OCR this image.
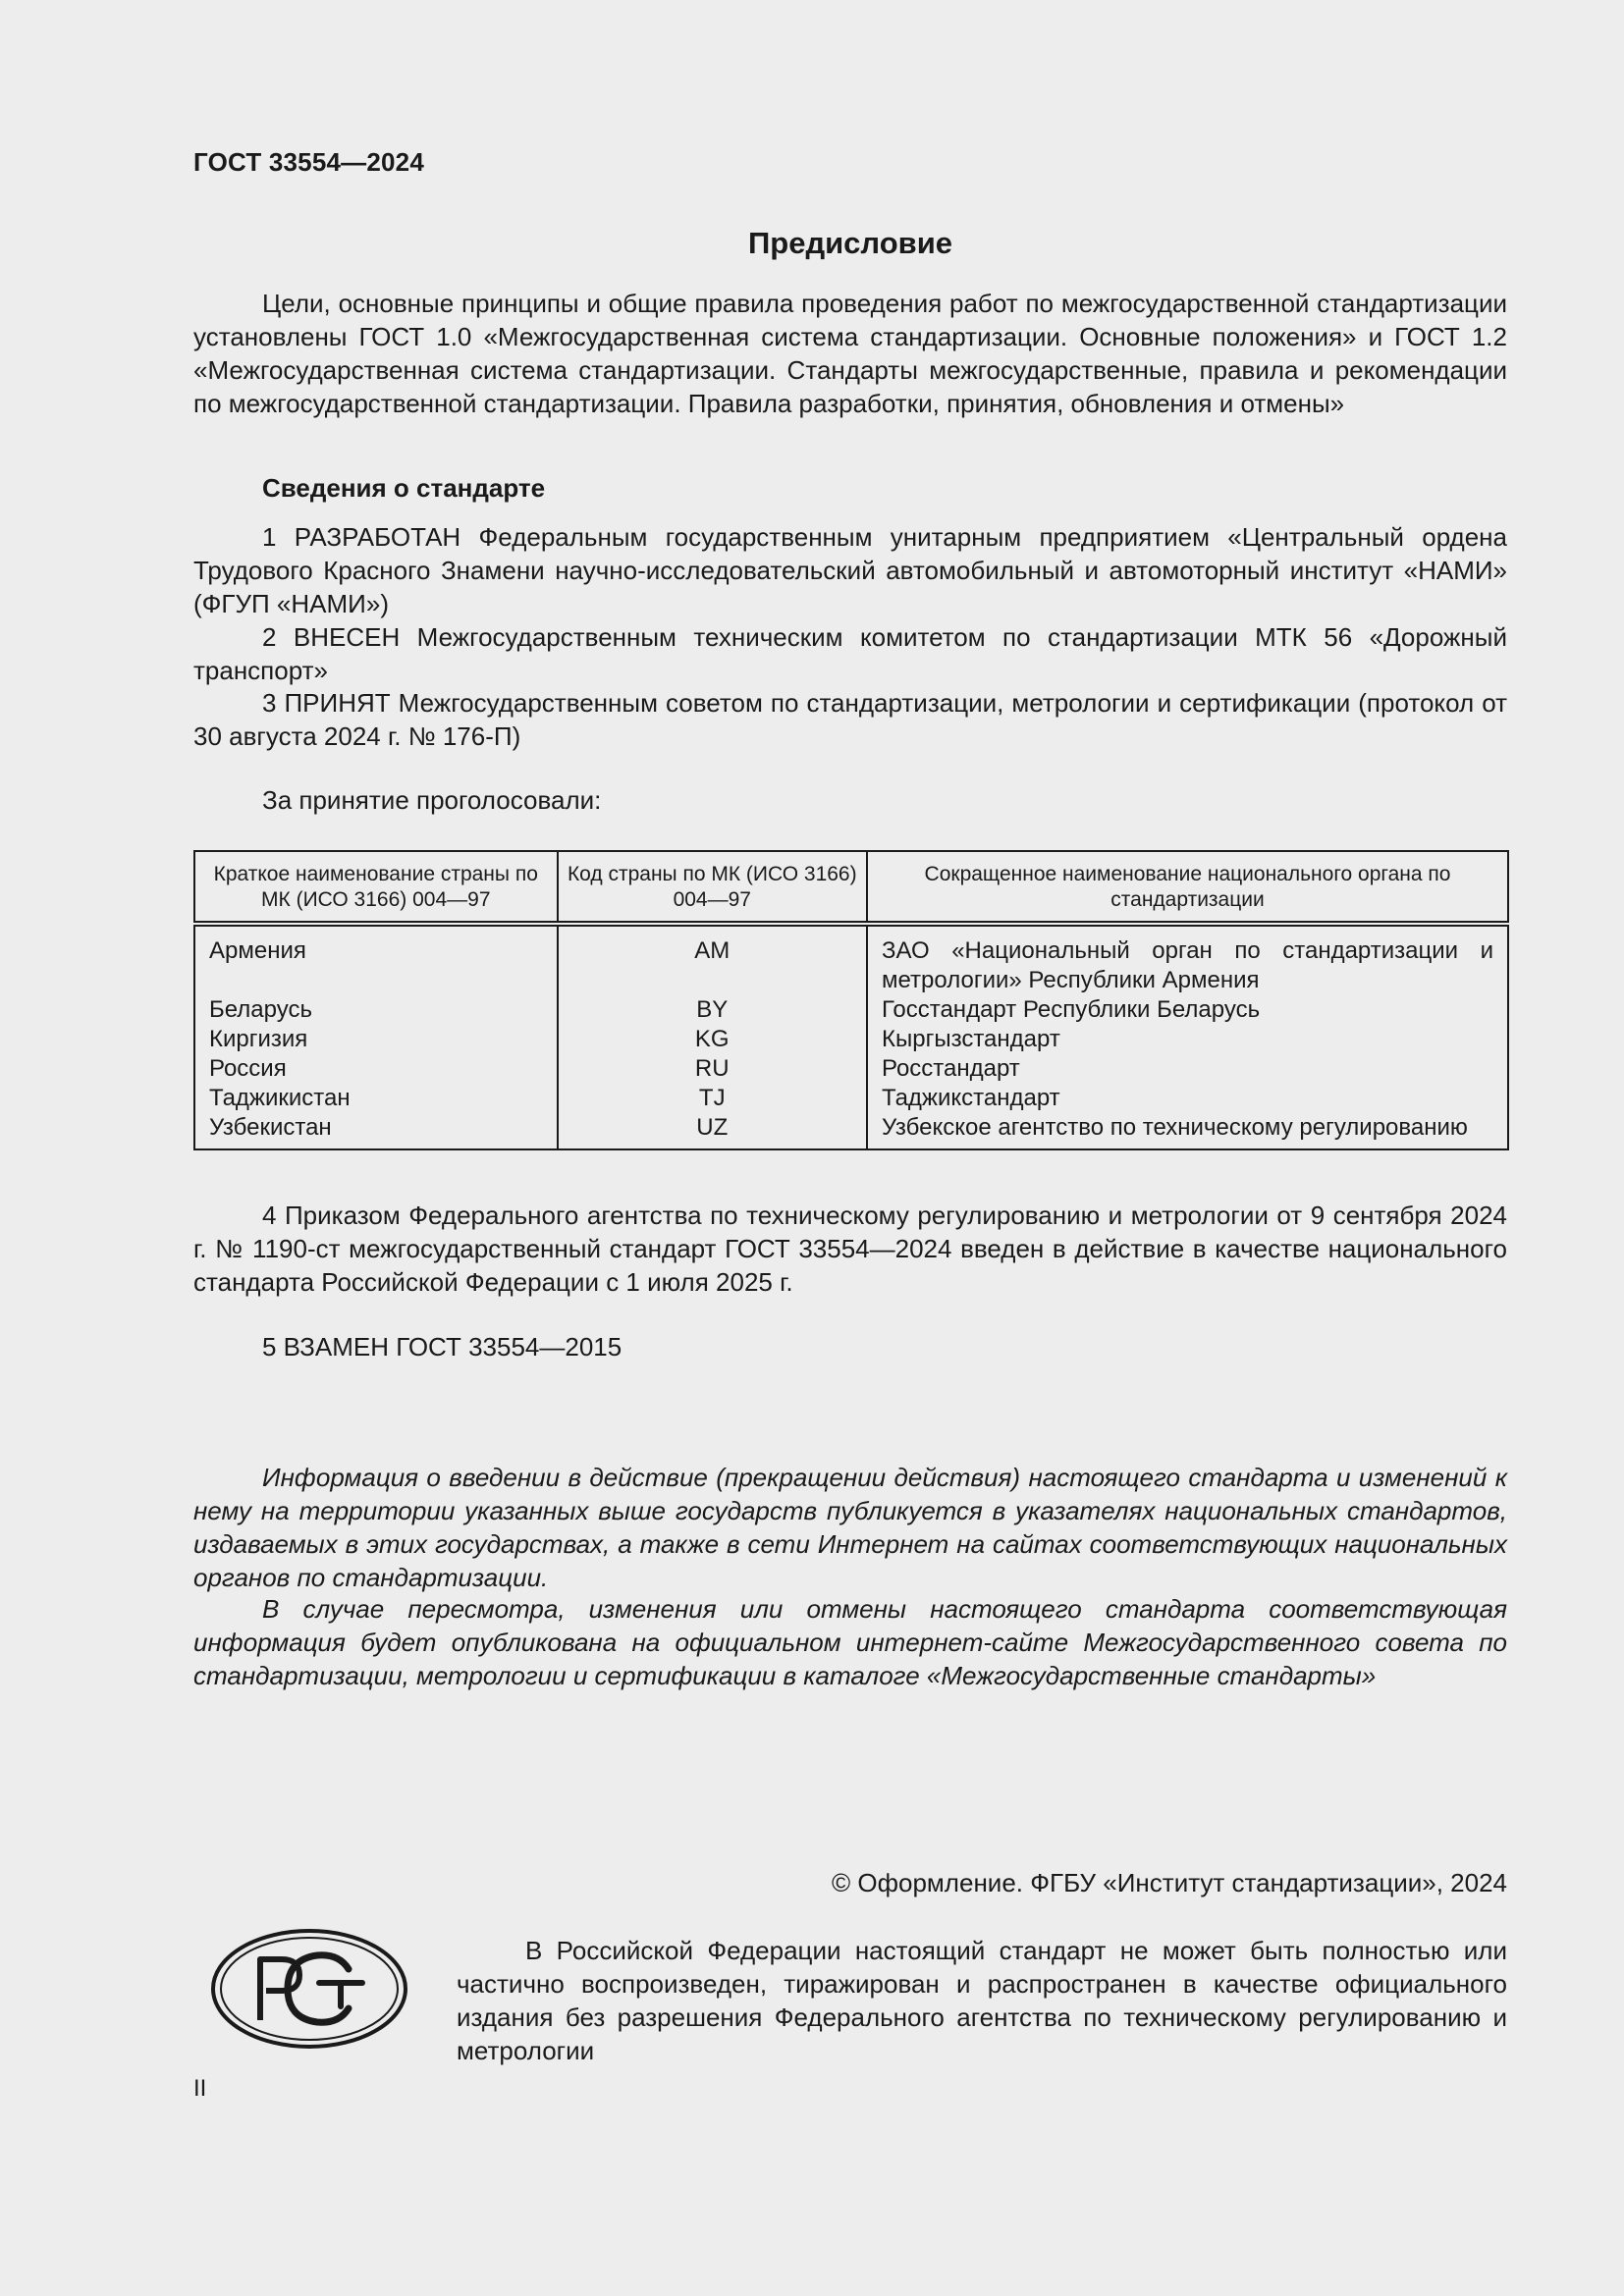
ГОСТ 33554—2024
Предисловие
Цели, основные принципы и общие правила проведения работ по межгосударственной стандартизации установлены ГОСТ 1.0 «Межгосударственная система стандартизации. Основные положения» и ГОСТ 1.2 «Межгосударственная система стандартизации. Стандарты межгосударственные, правила и рекомендации по межгосударственной стандартизации. Правила разработки, принятия, обновления и отмены»
Сведения о стандарте
1 РАЗРАБОТАН Федеральным государственным унитарным предприятием «Центральный ордена Трудового Красного Знамени научно-исследовательский автомобильный и автомоторный институт «НАМИ» (ФГУП «НАМИ»)
2 ВНЕСЕН Межгосударственным техническим комитетом по стандартизации МТК 56 «Дорожный транспорт»
3 ПРИНЯТ Межгосударственным советом по стандартизации, метрологии и сертификации (протокол от 30 августа 2024 г. № 176-П)
За принятие проголосовали:
Краткое наименование страны по МК (ИСО 3166) 004—97	Код страны по МК (ИСО 3166) 004—97	Сокращенное наименование национального органа по стандартизации
Армения	AM	ЗАО «Национальный орган по стандартизации и
метрологии» Республики Армения

Беларусь	BY	Госстандарт Республики Беларусь
Киргизия	KG	Кыргызстандарт
Россия	RU	Росстандарт
Таджикистан	TJ	Таджикстандарт
Узбекистан	UZ	Узбекское агентство по техническому регулированию
4 Приказом Федерального агентства по техническому регулированию и метрологии от 9 сентября 2024 г. № 1190-ст межгосударственный стандарт ГОСТ 33554—2024 введен в действие в качестве национального стандарта Российской Федерации с 1 июля 2025 г.
5 ВЗАМЕН ГОСТ 33554—2015
Информация о введении в действие (прекращении действия) настоящего стандарта и изменений к нему на территории указанных выше государств публикуется в указателях национальных стандартов, издаваемых в этих государствах, а также в сети Интернет на сайтах соответствующих национальных органов по стандартизации.
В случае пересмотра, изменения или отмены настоящего стандарта соответствующая информация будет опубликована на официальном интернет-сайте Межгосударственного совета по стандартизации, метрологии и сертификации в каталоге «Межгосударственные стандарты»
© Оформление. ФГБУ «Институт стандартизации», 2024
В Российской Федерации настоящий стандарт не может быть полностью или частично воспроизведен, тиражирован и распространен в качестве официального издания без разрешения Федерального агентства по техническому регулированию и метрологии
II
